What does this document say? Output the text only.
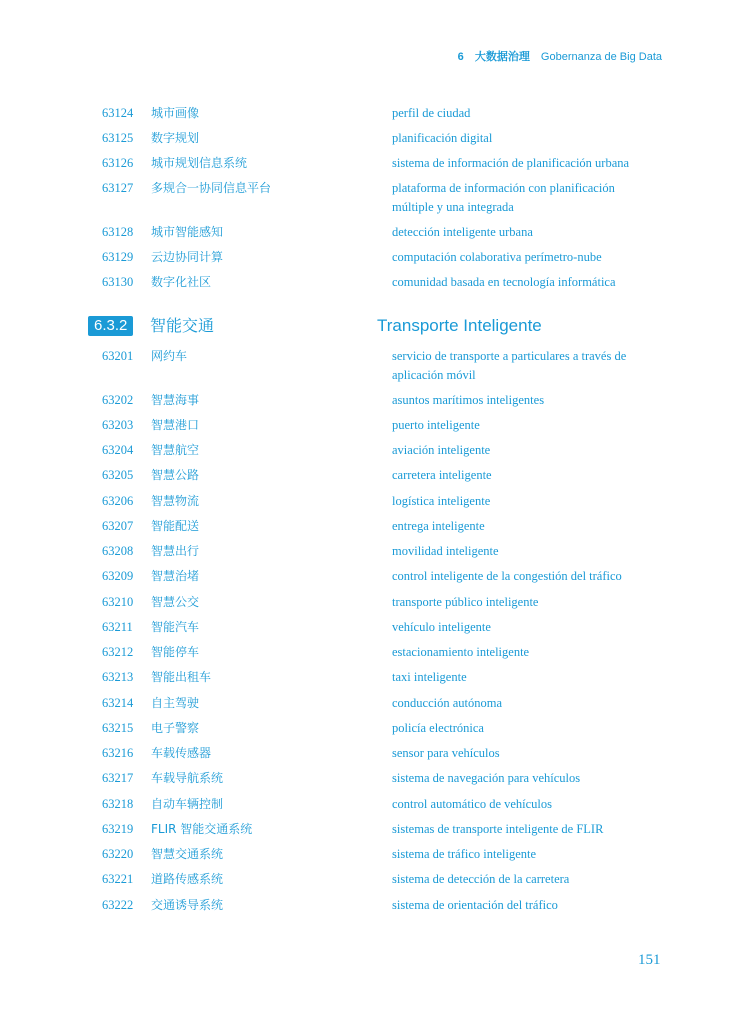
6 大数据治理 Gobernanza de Big Data
63124	城市画像	perfil de ciudad
63125	数字规划	planificación digital
63126	城市规划信息系统	sistema de información de planificación urbana
63127	多规合一协同信息平台	plataforma de información con planificación múltiple y una integrada
63128	城市智能感知	detección inteligente urbana
63129	云边协同计算	computación colaborativa perímetro-nube
63130	数字化社区	comunidad basada en tecnología informática
6.3.2	智能交通	Transporte Inteligente
63201	网约车	servicio de transporte a particulares a través de aplicación móvil
63202	智慧海事	asuntos marítimos inteligentes
63203	智慧港口	puerto inteligente
63204	智慧航空	aviación inteligente
63205	智慧公路	carretera inteligente
63206	智慧物流	logística inteligente
63207	智能配送	entrega inteligente
63208	智慧出行	movilidad inteligente
63209	智慧治堵	control inteligente de la congestión del tráfico
63210	智慧公交	transporte público inteligente
63211	智能汽车	vehículo inteligente
63212	智能停车	estacionamiento inteligente
63213	智能出租车	taxi inteligente
63214	自主驾驶	conducción autónoma
63215	电子警察	policía electrónica
63216	车载传感器	sensor para vehículos
63217	车载导航系统	sistema de navegación para vehículos
63218	自动车辆控制	control automático de vehículos
63219	FLIR 智能交通系统	sistemas de transporte inteligente de FLIR
63220	智慧交通系统	sistema de tráfico inteligente
63221	道路传感系统	sistema de detección de la carretera
63222	交通诱导系统	sistema de orientación del tráfico
151
